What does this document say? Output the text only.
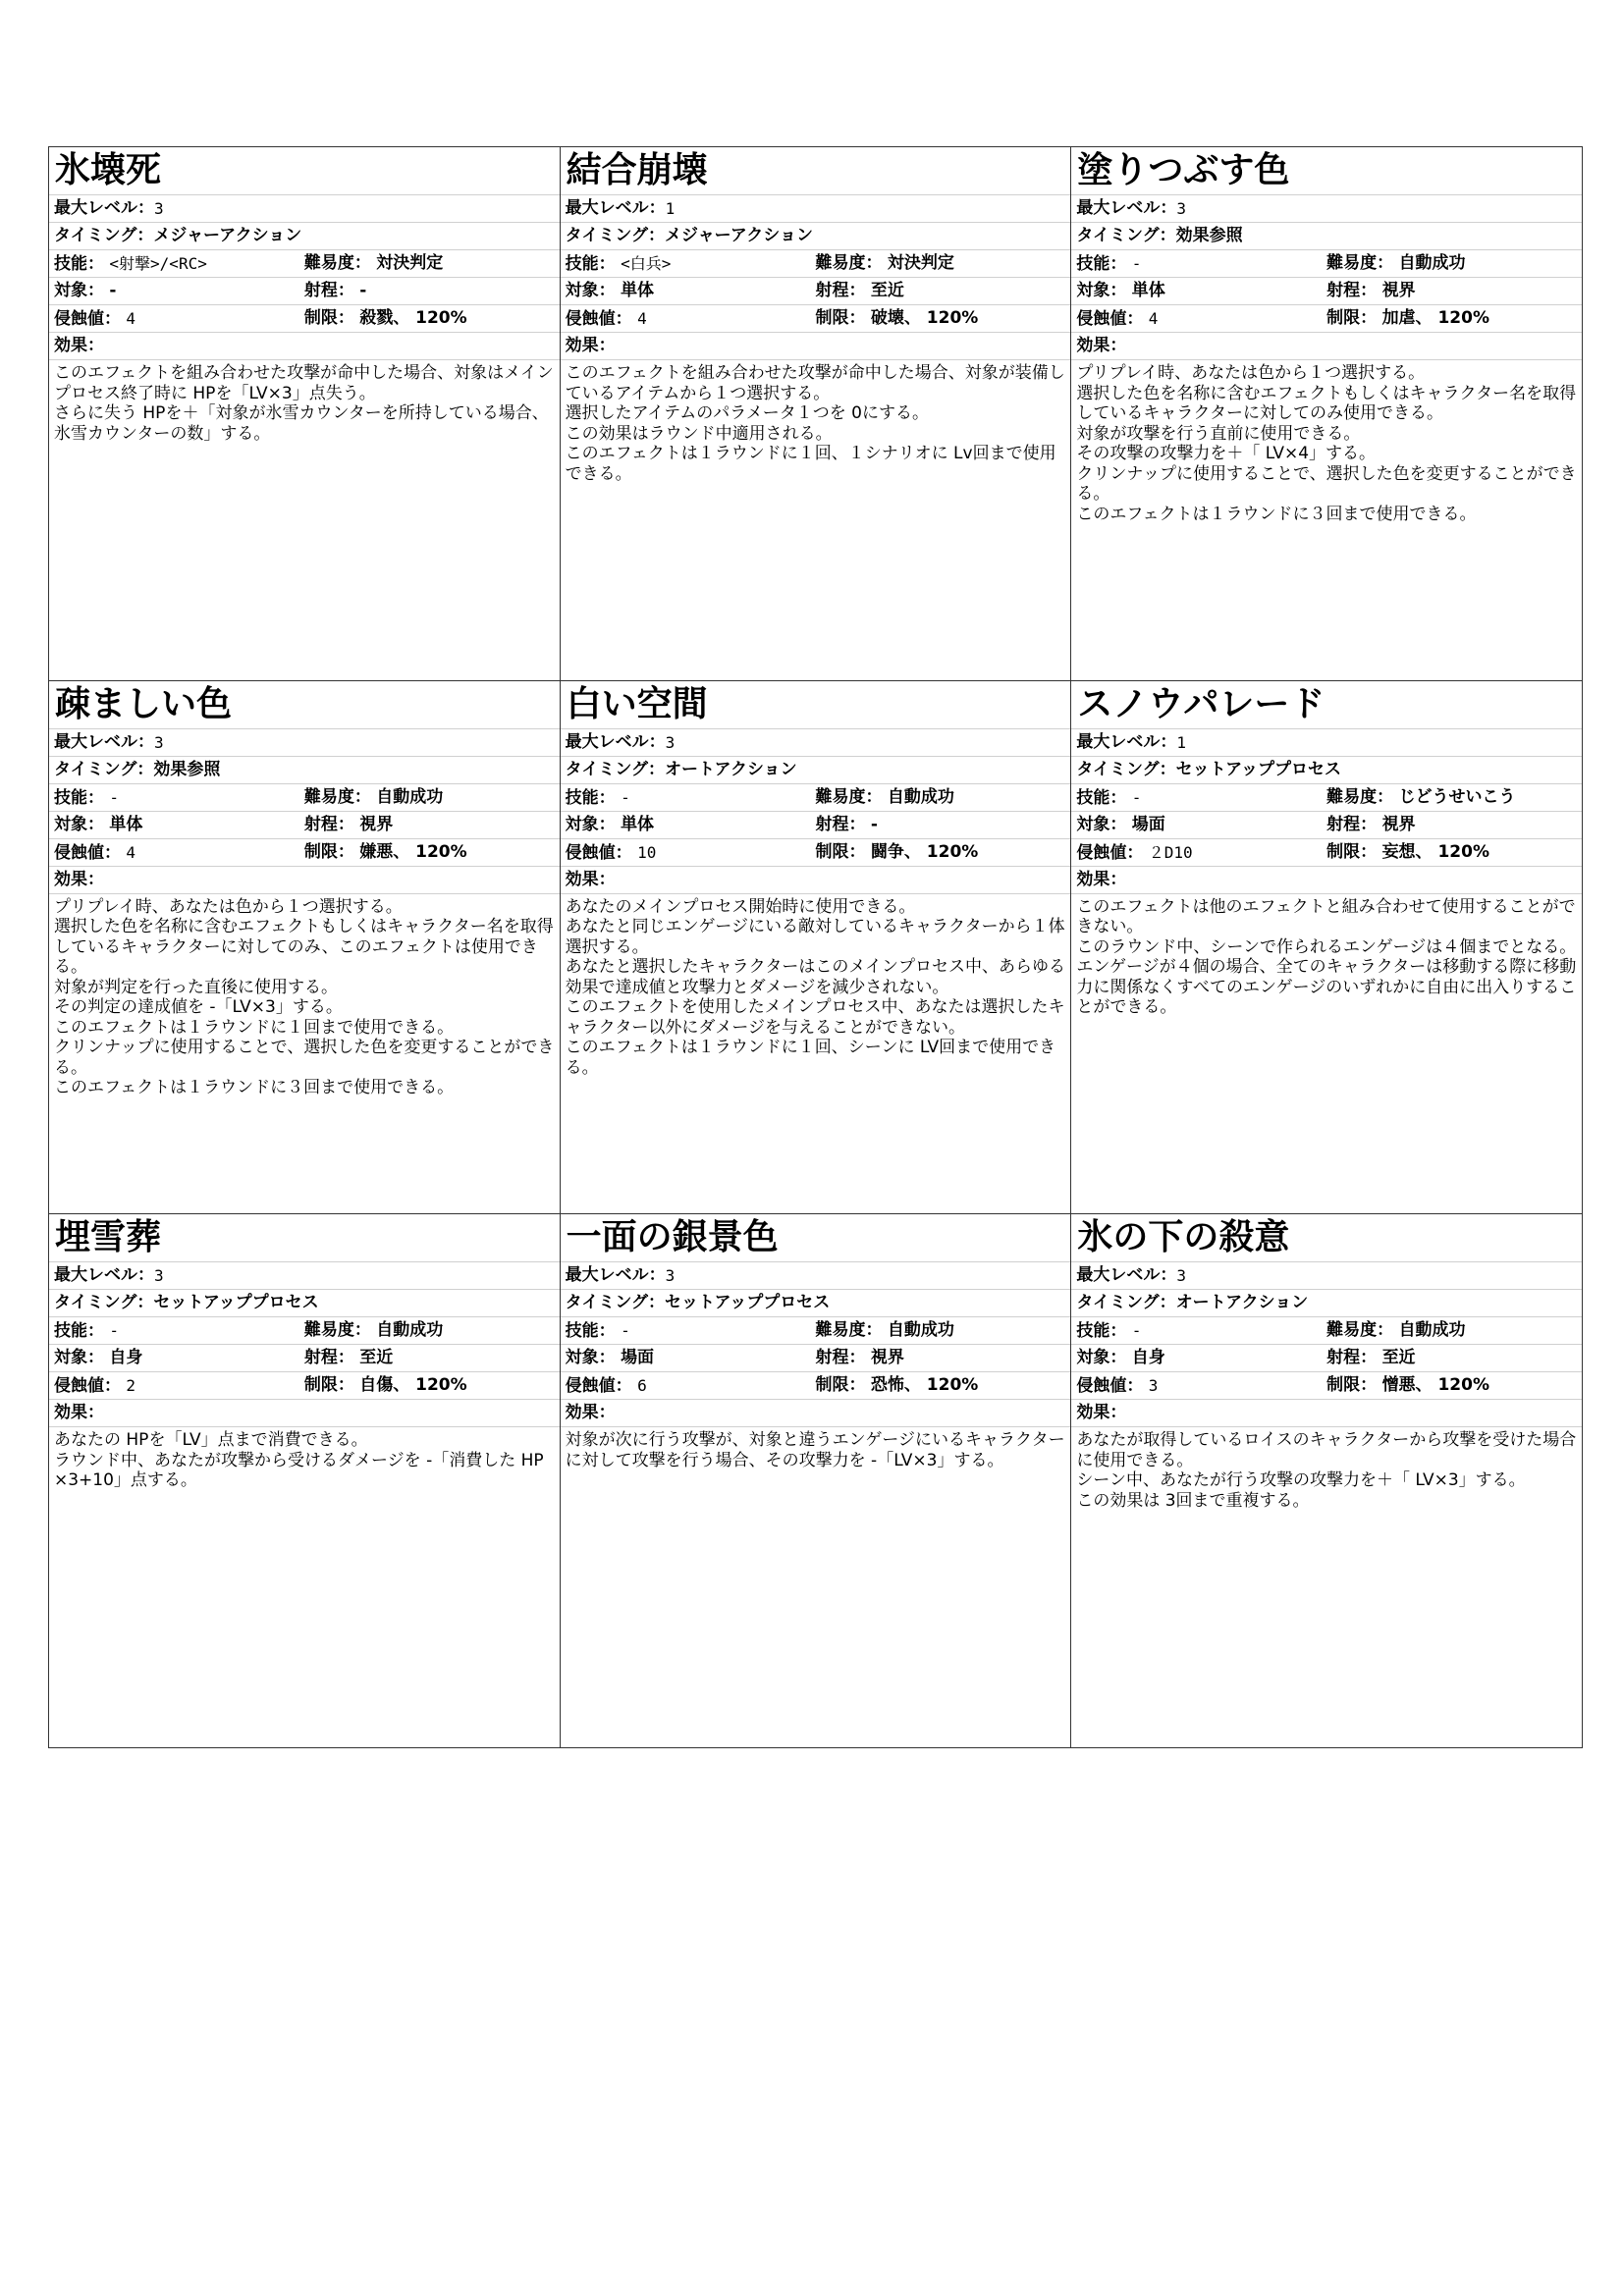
氷壊死
最大レベル： 3
タイミング： メジャーアクション
技能： <射撃>/<RC>	難易度： 対決判定
対象： -	射程： -
侵蝕値： 4	制限： 殺戮、 120%
効果：
このエフェクトを組み合わせた攻撃が命中した場合、対象はメインプロセス終了時に HPを「LV×3」点失う。
さらに失う HPを＋「対象が氷雪カウンターを所持している場合、氷雪カウンターの数」する。
結合崩壊
最大レベル： 1
タイミング： メジャーアクション
技能： <白兵>	難易度： 対決判定
対象： 単体	射程： 至近
侵蝕値： 4	制限： 破壊、 120%
効果：
このエフェクトを組み合わせた攻撃が命中した場合、対象が装備しているアイテムから１つ選択する。
選択したアイテムのパラメータ１つを 0にする。
この効果はラウンド中適用される。
このエフェクトは１ラウンドに１回、１シナリオに Lv回まで使用できる。
塗りつぶす色
最大レベル： 3
タイミング： 効果参照
技能： -	難易度： 自動成功
対象： 単体	射程： 視界
侵蝕値： 4	制限： 加虐、 120%
効果：
プリプレイ時、あなたは色から１つ選択する。
選択した色を名称に含むエフェクトもしくはキャラクター名を取得しているキャラクターに対してのみ使用できる。
対象が攻撃を行う直前に使用できる。
その攻撃の攻撃力を＋「 LV×4」する。
クリンナップに使用することで、選択した色を変更することができる。
このエフェクトは１ラウンドに３回まで使用できる。
疎ましい色
最大レベル： 3
タイミング： 効果参照
技能： -	難易度： 自動成功
対象： 単体	射程： 視界
侵蝕値： 4	制限： 嫌悪、 120%
効果：
プリプレイ時、あなたは色から１つ選択する。
選択した色を名称に含むエフェクトもしくはキャラクター名を取得しているキャラクターに対してのみ、このエフェクトは使用できる。
対象が判定を行った直後に使用する。
その判定の達成値を -「LV×3」する。
このエフェクトは１ラウンドに１回まで使用できる。
クリンナップに使用することで、選択した色を変更することができる。
このエフェクトは１ラウンドに３回まで使用できる。
白い空間
最大レベル： 3
タイミング： オートアクション
技能： -	難易度： 自動成功
対象： 単体	射程： -
侵蝕値： 10	制限： 闘争、 120%
効果：
あなたのメインプロセス開始時に使用できる。
あなたと同じエンゲージにいる敵対しているキャラクターから１体選択する。
あなたと選択したキャラクターはこのメインプロセス中、あらゆる効果で達成値と攻撃力とダメージを減少されない。
このエフェクトを使用したメインプロセス中、あなたは選択したキャラクター以外にダメージを与えることができない。
このエフェクトは１ラウンドに１回、シーンに LV回まで使用できる。
スノウパレード
最大レベル： 1
タイミング： セットアッププロセス
技能： -	難易度： じどうせいこう
対象： 場面	射程： 視界
侵蝕値： ２D10	制限： 妄想、 120%
効果：
このエフェクトは他のエフェクトと組み合わせて使用することができない。
このラウンド中、シーンで作られるエンゲージは４個までとなる。
エンゲージが４個の場合、全てのキャラクターは移動する際に移動力に関係なくすべてのエンゲージのいずれかに自由に出入りすることができる。
埋雪葬
最大レベル： 3
タイミング： セットアッププロセス
技能： -	難易度： 自動成功
対象： 自身	射程： 至近
侵蝕値： 2	制限： 自傷、 120%
効果：
あなたの HPを「LV」点まで消費できる。
ラウンド中、あなたが攻撃から受けるダメージを -「消費した HP×3+10」点する。
一面の銀景色
最大レベル： 3
タイミング： セットアッププロセス
技能： -	難易度： 自動成功
対象： 場面	射程： 視界
侵蝕値： 6	制限： 恐怖、 120%
効果：
対象が次に行う攻撃が、対象と違うエンゲージにいるキャラクターに対して攻撃を行う場合、その攻撃力を -「LV×3」する。
氷の下の殺意
最大レベル： 3
タイミング： オートアクション
技能： -	難易度： 自動成功
対象： 自身	射程： 至近
侵蝕値： 3	制限： 憎悪、 120%
効果：
あなたが取得しているロイスのキャラクターから攻撃を受けた場合に使用できる。
シーン中、あなたが行う攻撃の攻撃力を＋「 LV×3」する。
この効果は 3回まで重複する。
